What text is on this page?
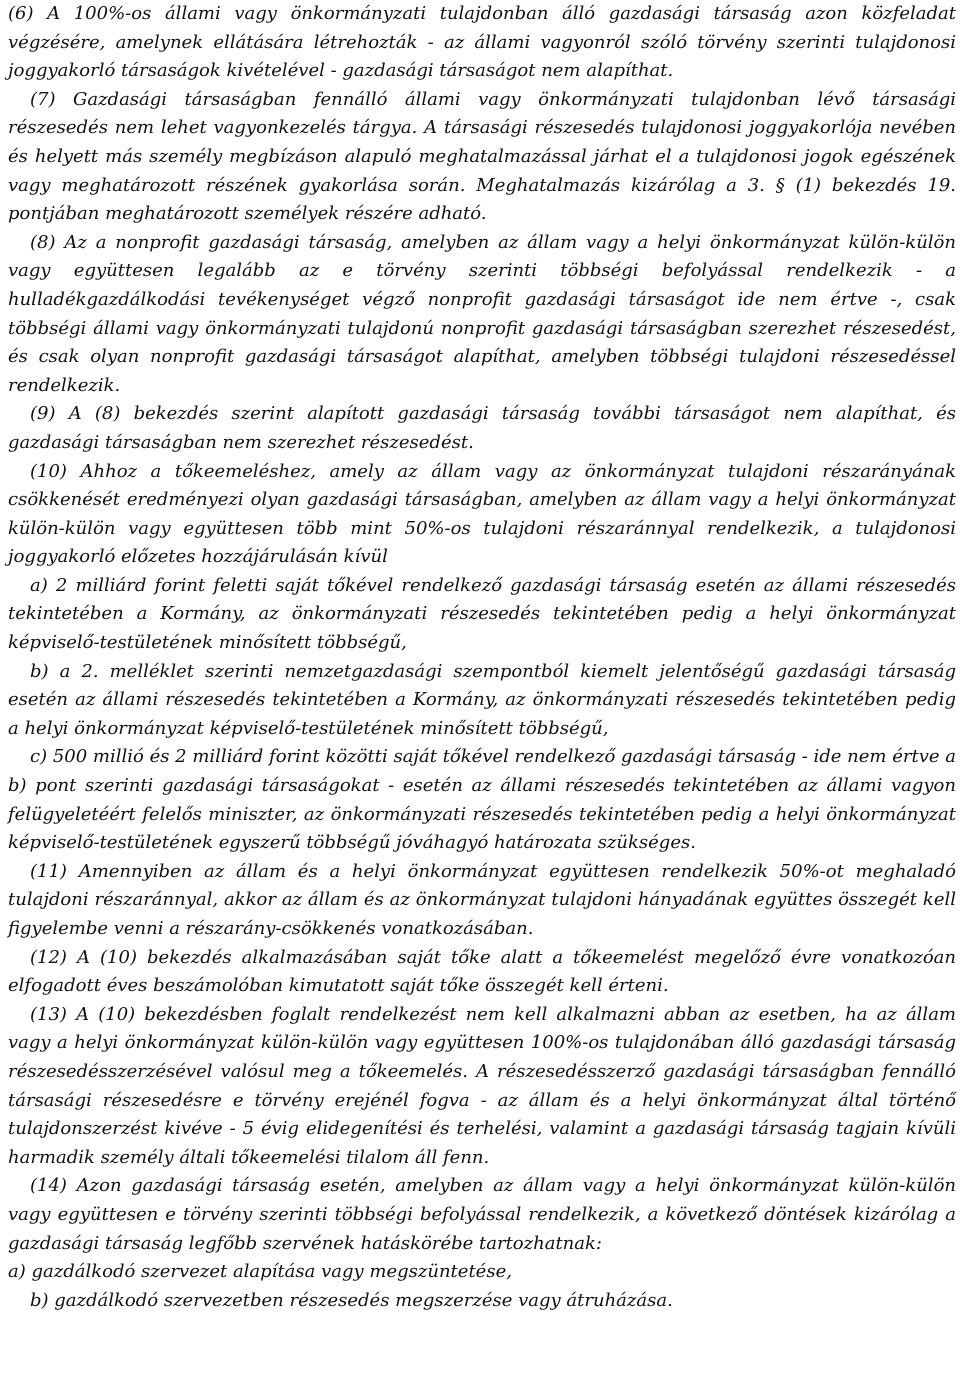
(6) A 100%-os állami vagy önkormányzati tulajdonban álló gazdasági társaság azon közfeladat végzésére, amelynek ellátására létrehozták - az állami vagyonról szóló törvény szerinti tulajdonosi joggyakorló társaságok kivételével - gazdasági társaságot nem alapíthat.

(7) Gazdasági társaságban fennálló állami vagy önkormányzati tulajdonban lévő társasági részesedés nem lehet vagyonkezelés tárgya. A társasági részesedés tulajdonosi joggyakorlója nevében és helyett más személy megbízáson alapuló meghatalmazással járhat el a tulajdonosi jogok egészének vagy meghatározott részének gyakorlása során. Meghatalmazás kizárólag a 3. § (1) bekezdés 19. pontjában meghatározott személyek részére adható.

(8) Az a nonprofit gazdasági társaság, amelyben az állam vagy a helyi önkormányzat külön-külön vagy együttesen legalább az e törvény szerinti többségi befolyással rendelkezik - a hulladékgazdálkodási tevékenységet végző nonprofit gazdasági társaságot ide nem értve -, csak többségi állami vagy önkormányzati tulajdonú nonprofit gazdasági társaságban szerezhet részesedést, és csak olyan nonprofit gazdasági társaságot alapíthat, amelyben többségi tulajdoni részesedéssel rendelkezik.

(9) A (8) bekezdés szerint alapított gazdasági társaság további társaságot nem alapíthat, és gazdasági társaságban nem szerezhet részesedést.

(10) Ahhoz a tőkeemeléshez, amely az állam vagy az önkormányzat tulajdoni részarányának csökkenését eredményezi olyan gazdasági társaságban, amelyben az állam vagy a helyi önkormányzat külön-külön vagy együttesen több mint 50%-os tulajdoni részaránnyal rendelkezik, a tulajdonosi joggyakorló előzetes hozzájárulásán kívül

a) 2 milliárd forint feletti saját tőkével rendelkező gazdasági társaság esetén az állami részesedés tekintetében a Kormány, az önkormányzati részesedés tekintetében pedig a helyi önkormányzat képviselő-testületének minősített többségű,

b) a 2. melléklet szerinti nemzetgazdasági szempontból kiemelt jelentőségű gazdasági társaság esetén az állami részesedés tekintetében a Kormány, az önkormányzati részesedés tekintetében pedig a helyi önkormányzat képviselő-testületének minősített többségű,

c) 500 millió és 2 milliárd forint közötti saját tőkével rendelkező gazdasági társaság - ide nem értve a b) pont szerinti gazdasági társaságokat - esetén az állami részesedés tekintetében az állami vagyon felügyeletéért felelős miniszter, az önkormányzati részesedés tekintetében pedig a helyi önkormányzat képviselő-testületének egyszerű többségű jóváhagyó határozata szükséges.

(11) Amennyiben az állam és a helyi önkormányzat együttesen rendelkezik 50%-ot meghaladó tulajdoni részaránnyal, akkor az állam és az önkormányzat tulajdoni hányadának együttes összegét kell figyelembe venni a részarány-csökkenés vonatkozásában.

(12) A (10) bekezdés alkalmazásában saját tőke alatt a tőkeemelést megelőző évre vonatkozóan elfogadott éves beszámolóban kimutatott saját tőke összegét kell érteni.

(13) A (10) bekezdésben foglalt rendelkezést nem kell alkalmazni abban az esetben, ha az állam vagy a helyi önkormányzat külön-külön vagy együttesen 100%-os tulajdonában álló gazdasági társaság részesedésszerzésével valósul meg a tőkeemelés. A részesedésszerző gazdasági társaságban fennálló társasági részesedésre e törvény erejénél fogva - az állam és a helyi önkormányzat által történő tulajdonszerzést kivéve - 5 évig elidegenítési és terhelési, valamint a gazdasági társaság tagjain kívüli harmadik személy általi tőkeemelési tilalom áll fenn.

(14) Azon gazdasági társaság esetén, amelyben az állam vagy a helyi önkormányzat külön-külön vagy együttesen e törvény szerinti többségi befolyással rendelkezik, a következő döntések kizárólag a gazdasági társaság legfőbb szervének hatáskörébe tartozhatnak:

a) gazdálkodó szervezet alapítása vagy megszüntetése,

b) gazdálkodó szervezetben részesedés megszerzése vagy átruházása.
